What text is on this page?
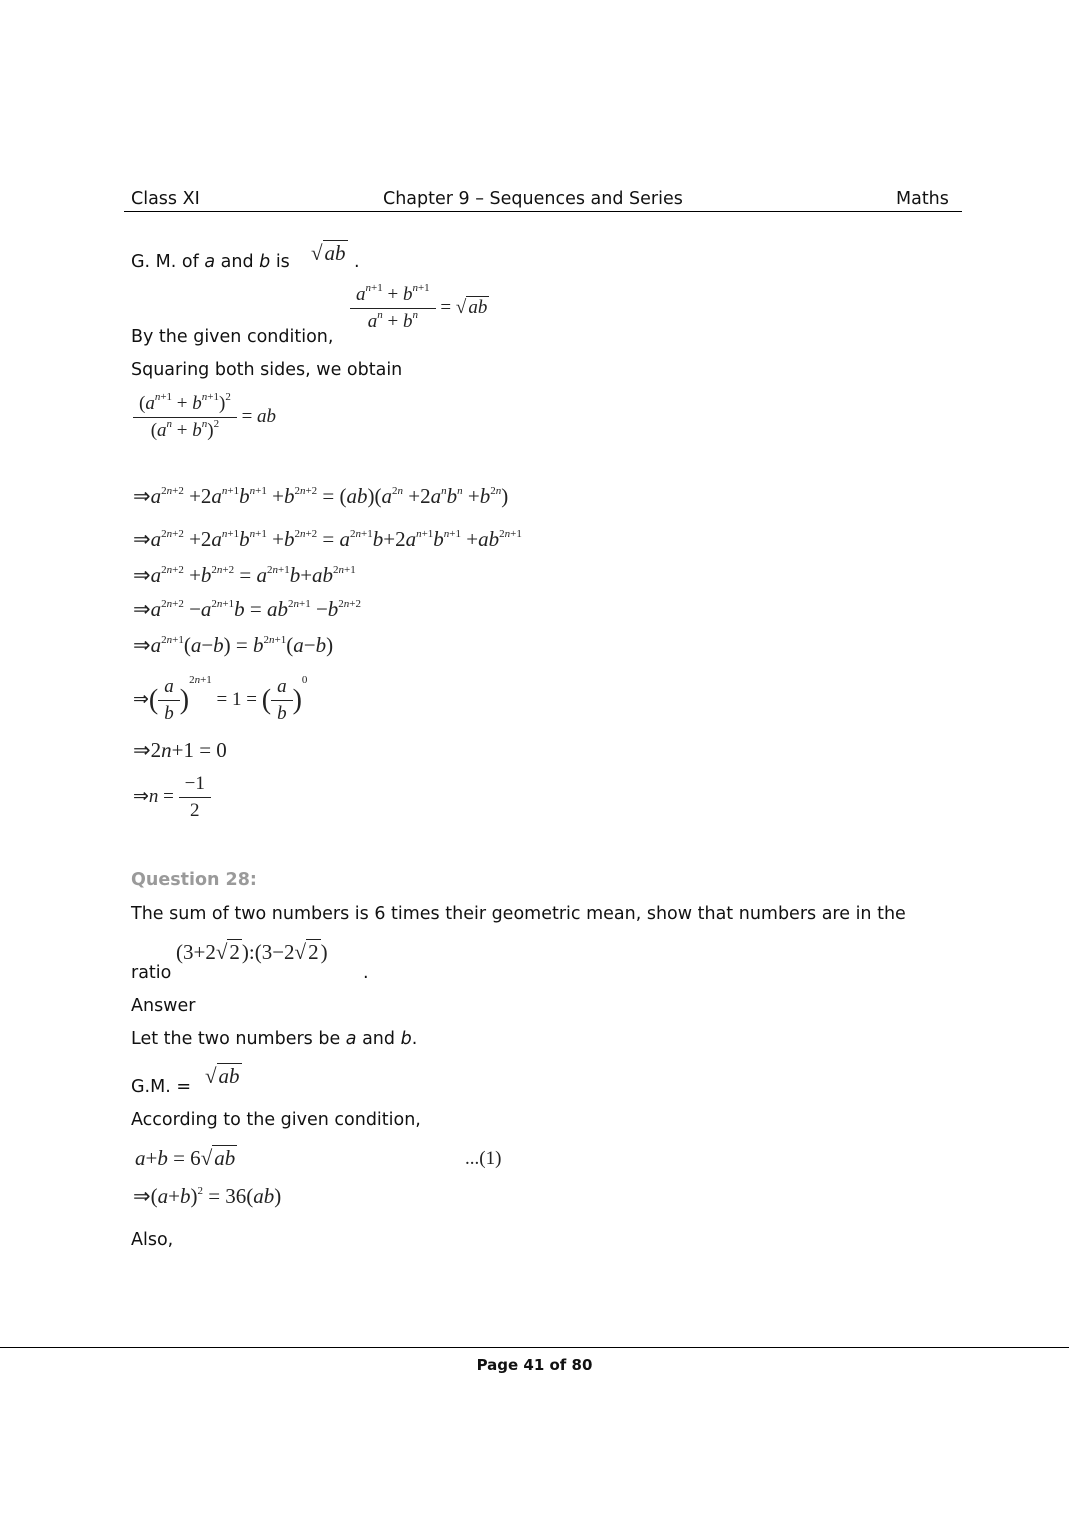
Class XI	Chapter 9 – Sequences and Series	Maths
G. M. of a and b is √ab .
$\frac{a^{n+1} + b^{n+1}}{a^n + b^n}$ = √ ab
By the given condition,
Squaring both sides, we obtain
$\frac{(a^{n+1} + b^{n+1})^2}{(a^n + b^n)^2}$ = ab
$\Rightarrow a^{2n+2} +2a^{n+1}b^{n+1} +b^{2n+2} = (ab)(a^{2n} +2a^nb^n +b^{2n})$
$\Rightarrow a^{2n+2} +2a^{n+1}b^{n+1} +b^{2n+2} = a^{2n+1}b+2a^{n+1}b^{n+1} +ab^{2n+1}$
$\Rightarrow a^{2n+2} +b^{2n+2} = a^{2n+1}b+ab^{2n+1}$
$\Rightarrow a^{2n+2} -a^{2n+1}b = ab^{2n+1} -b^{2n+2}$
$\Rightarrow a^{2n+1}(a-b) = b^{2n+1}(a-b)$
⇒( $\frac{a}{b} )^{2n+1} = 1$ = ( $\frac{a}{b} )^0$
⇒2n+1 = 0
⇒n = $\frac{-1}{2}$
Question 28:
The sum of two numbers is 6 times their geometric mean, show that numbers are in the
ratio
(3+2√2):(3−2√2)
.
Answer
Let the two numbers be a and b.
G.M. = √ab
According to the given condition,
a+b = 6√ab	...(1)
$\Rightarrow(a+b)^2 = 36(ab)$
Also,
Page 41 of 80
